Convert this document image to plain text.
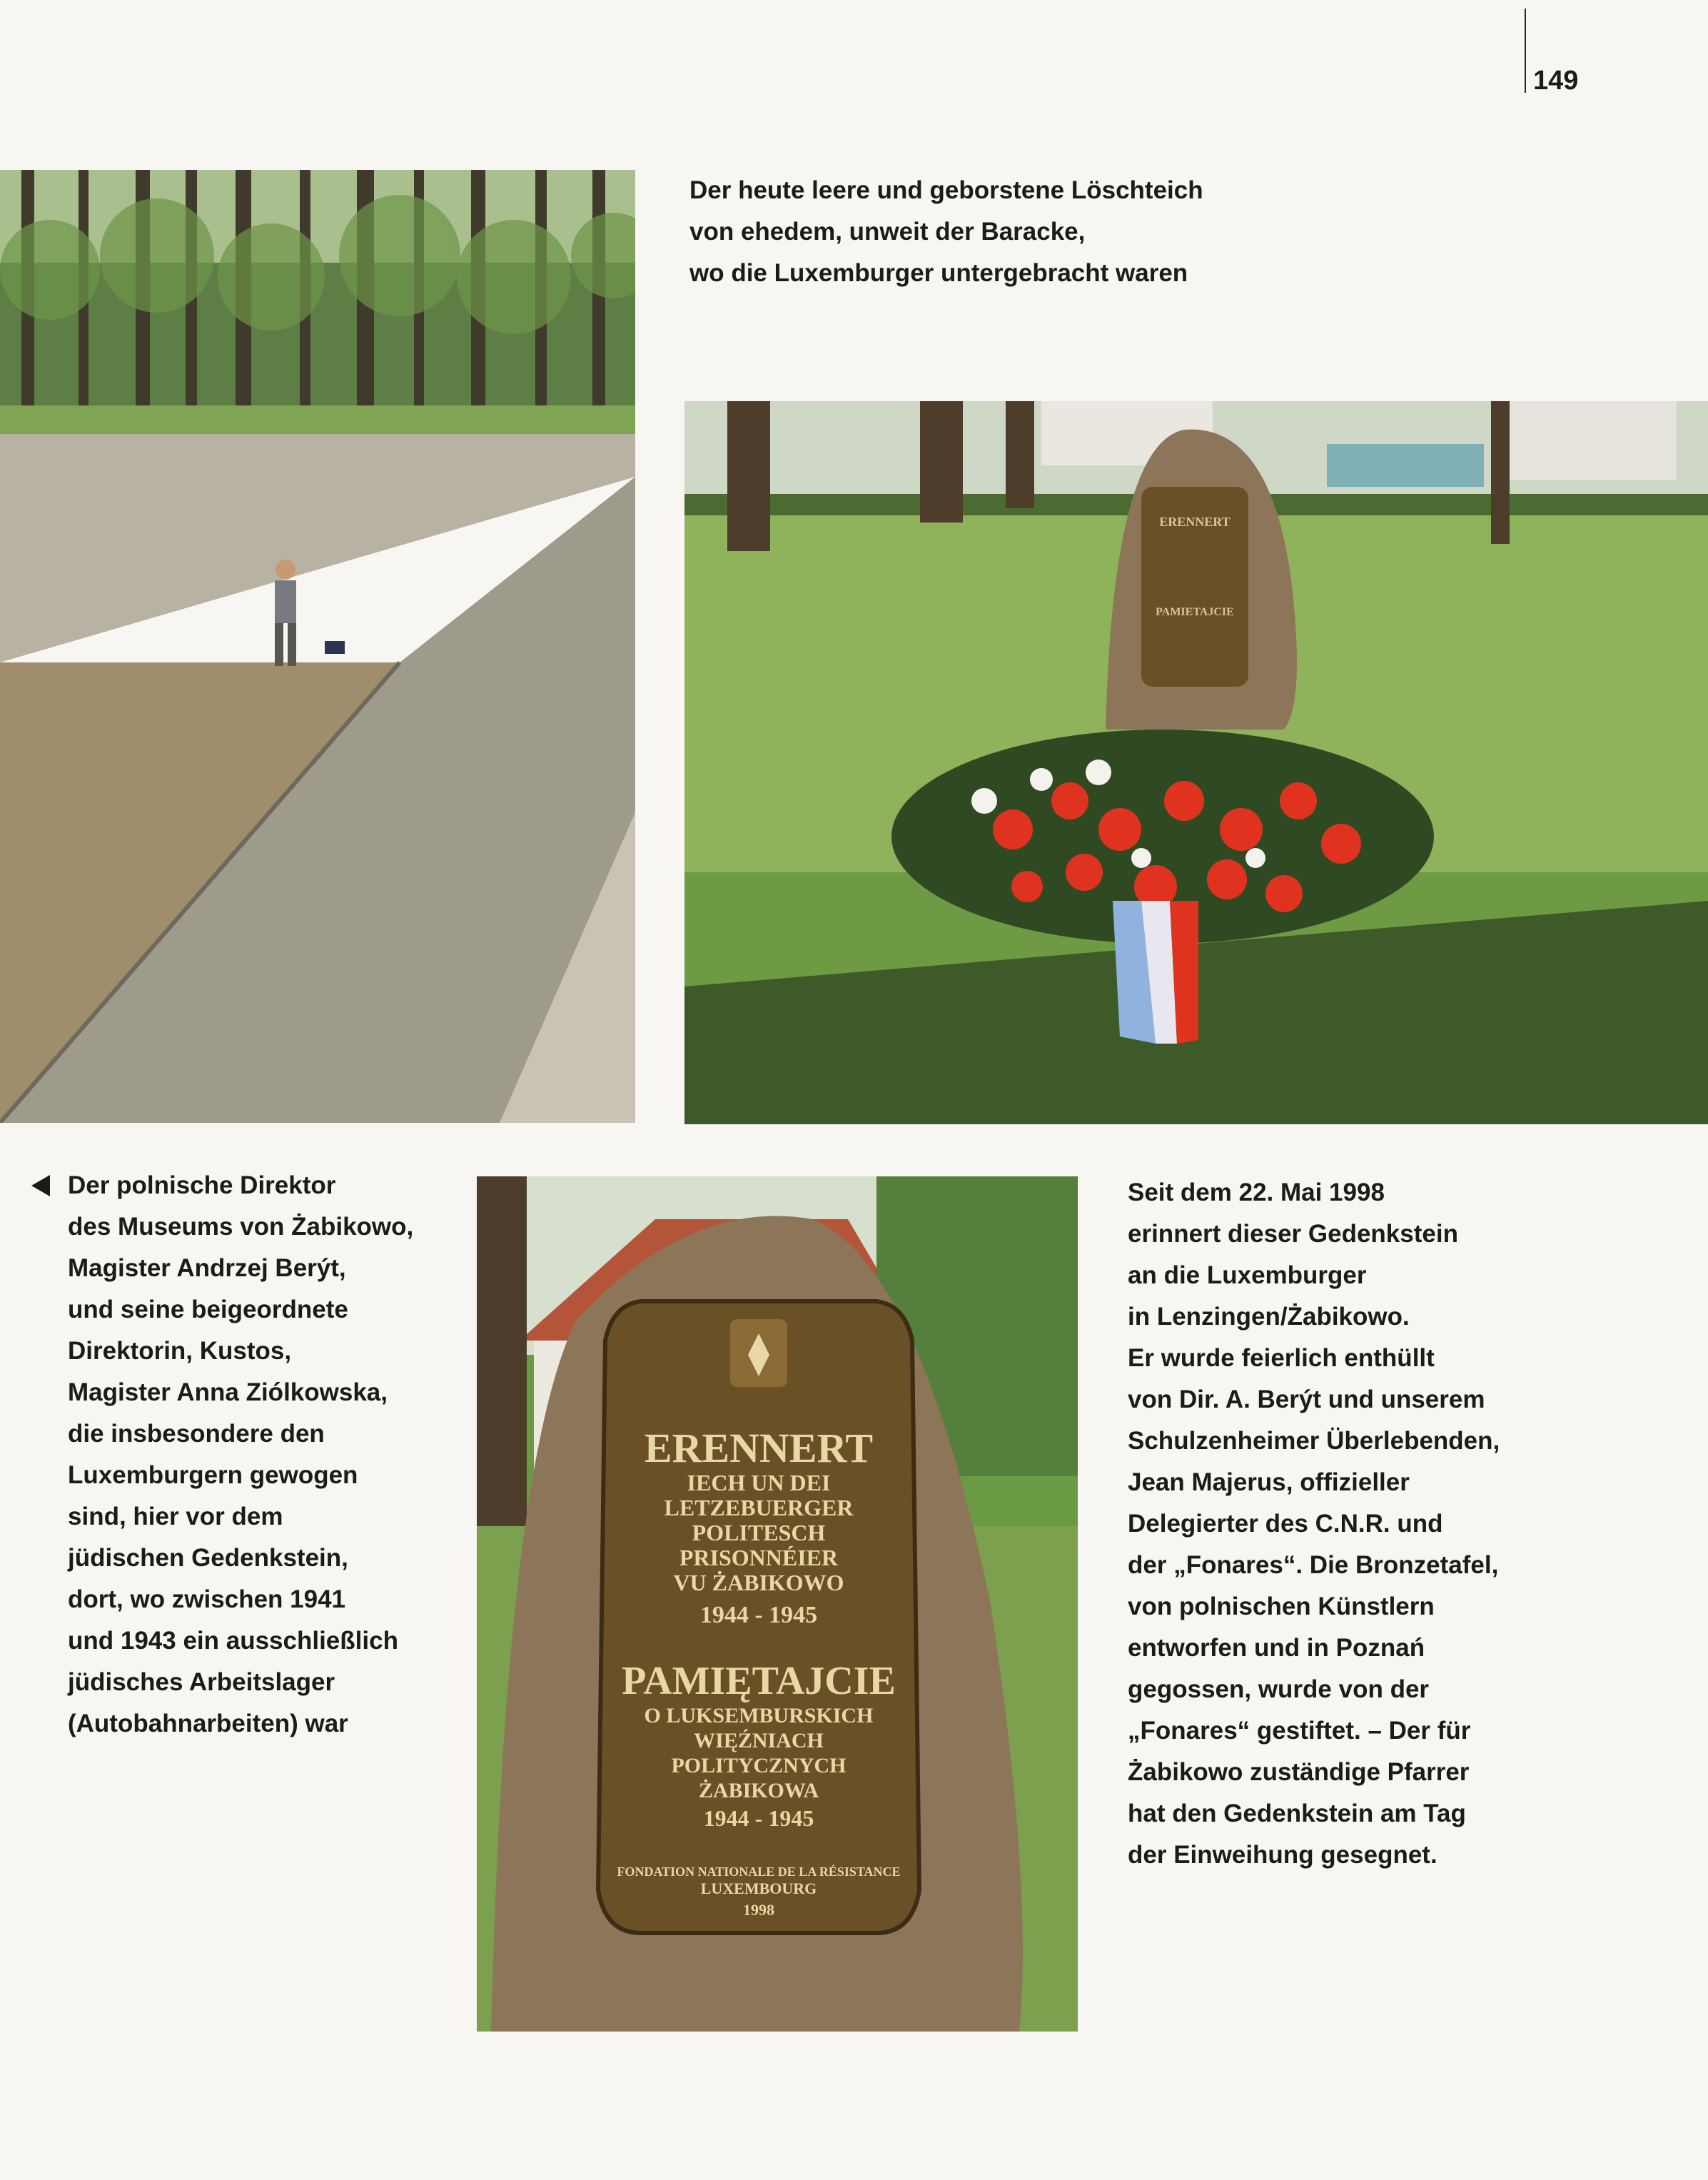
149
Der heute leere und geborstene Löschteich
von ehedem, unweit der Baracke,
wo die Luxemburger untergebracht waren
ERENNERT
PAMIETAJCIE
Der polnische Direktor
des Museums von Żabikowo,
Magister Andrzej Berýt,
und seine beigeordnete
Direktorin, Kustos,
Magister Anna Ziólkowska,
die insbesondere den
Luxemburgern gewogen
sind, hier vor dem
jüdischen Gedenkstein,
dort, wo zwischen 1941
und 1943 ein ausschließlich
jüdisches Arbeitslager
(Autobahnarbeiten) war
ERENNERT
IECH UN DEI
LETZEBUERGER
POLITESCH
PRISONNÉIER
VU ŻABIKOWO
1944 - 1945
PAMIĘTAJCIE
O LUKSEMBURSKICH
WIĘŹNIACH
POLITYCZNYCH
ŻABIKOWA
1944 - 1945
FONDATION NATIONALE DE LA RÉSISTANCE
LUXEMBOURG
1998
Seit dem 22. Mai 1998
erinnert dieser Gedenkstein
an die Luxemburger
in Lenzingen/Żabikowo.
Er wurde feierlich enthüllt
von Dir. A. Berýt und unserem
Schulzenheimer Überlebenden,
Jean Majerus, offizieller
Delegierter des C.N.R. und
der „Fonares“. Die Bronzetafel,
von polnischen Künstlern
entworfen und in Poznań
gegossen, wurde von der
„Fonares“ gestiftet. – Der für
Żabikowo zuständige Pfarrer
hat den Gedenkstein am Tag
der Einweihung gesegnet.
